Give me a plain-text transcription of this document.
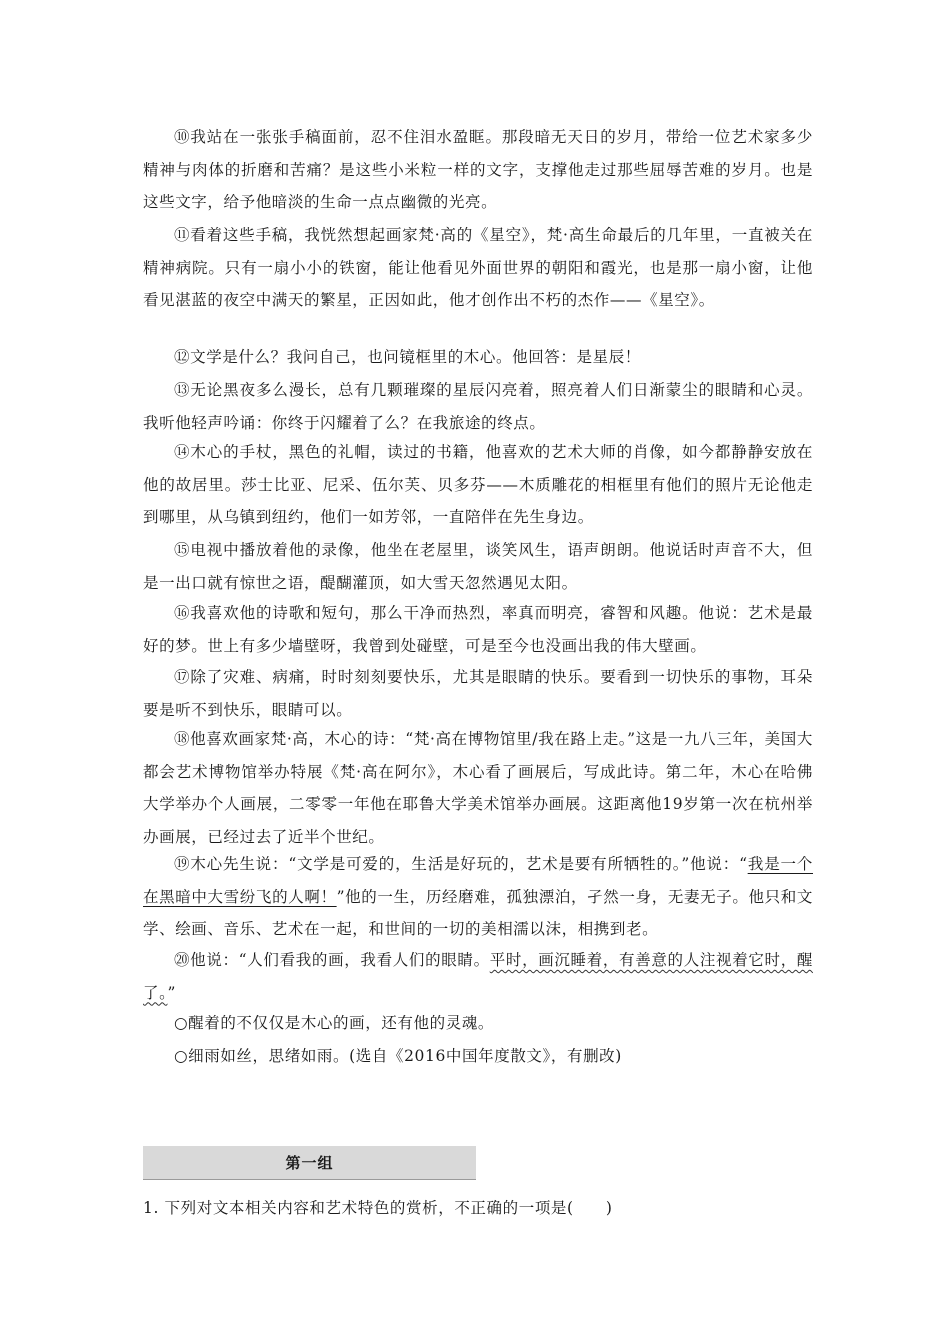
⑩我站在一张张手稿面前，忍不住泪水盈眶。那段暗无天日的岁月，带给一位艺术家多少精神与肉体的折磨和苦痛？是这些小米粒一样的文字，支撑他走过那些屈辱苦难的岁月。也是这些文字，给予他暗淡的生命一点点幽微的光亮。

⑪看着这些手稿，我恍然想起画家梵·高的《星空》，梵·高生命最后的几年里，一直被关在精神病院。只有一扇小小的铁窗，能让他看见外面世界的朝阳和霞光，也是那一扇小窗，让他看见湛蓝的夜空中满天的繁星，正因如此，他才创作出不朽的杰作——《星空》。

⑫文学是什么？我问自己，也问镜框里的木心。他回答：是星辰！

⑬无论黑夜多么漫长，总有几颗璀璨的星辰闪亮着，照亮着人们日渐蒙尘的眼睛和心灵。我听他轻声吟诵：你终于闪耀着了么？在我旅途的终点。

⑭木心的手杖，黑色的礼帽，读过的书籍，他喜欢的艺术大师的肖像，如今都静静安放在他的故居里。莎士比亚、尼采、伍尔芙、贝多芬——木质雕花的相框里有他们的照片无论他走到哪里，从乌镇到纽约，他们一如芳邻，一直陪伴在先生身边。

⑮电视中播放着他的录像，他坐在老屋里，谈笑风生，语声朗朗。他说话时声音不大，但是一出口就有惊世之语，醍醐灌顶，如大雪天忽然遇见太阳。

⑯我喜欢他的诗歌和短句，那么干净而热烈，率真而明亮，睿智和风趣。他说：艺术是最好的梦。世上有多少墙壁呀，我曾到处碰壁，可是至今也没画出我的伟大壁画。

⑰除了灾难、病痛，时时刻刻要快乐，尤其是眼睛的快乐。要看到一切快乐的事物，耳朵要是听不到快乐，眼睛可以。

⑱他喜欢画家梵·高，木心的诗：“梵·高在博物馆里/我在路上走。”这是一九八三年，美国大都会艺术博物馆举办特展《梵·高在阿尔》，木心看了画展后，写成此诗。第二年，木心在哈佛大学举办个人画展，二零零一年他在耶鲁大学美术馆举办画展。这距离他19岁第一次在杭州举办画展，已经过去了近半个世纪。

⑲木心先生说：“文学是可爱的，生活是好玩的，艺术是要有所牺牲的。”他说：“我是一个在黑暗中大雪纷飞的人啊！”他的一生，历经磨难，孤独漂泊，孑然一身，无妻无子。他只和文学、绘画、音乐、艺术在一起，和世间的一切的美相濡以沫，相携到老。

⑳他说：“人们看我的画，我看人们的眼睛。平时，画沉睡着，有善意的人注视着它时，醒了。”

○醒着的不仅仅是木心的画，还有他的灵魂。

○细雨如丝，思绪如雨。(选自《2016中国年度散文》，有删改)

第一组

1. 下列对文本相关内容和艺术特色的赏析，不正确的一项是(　　)
